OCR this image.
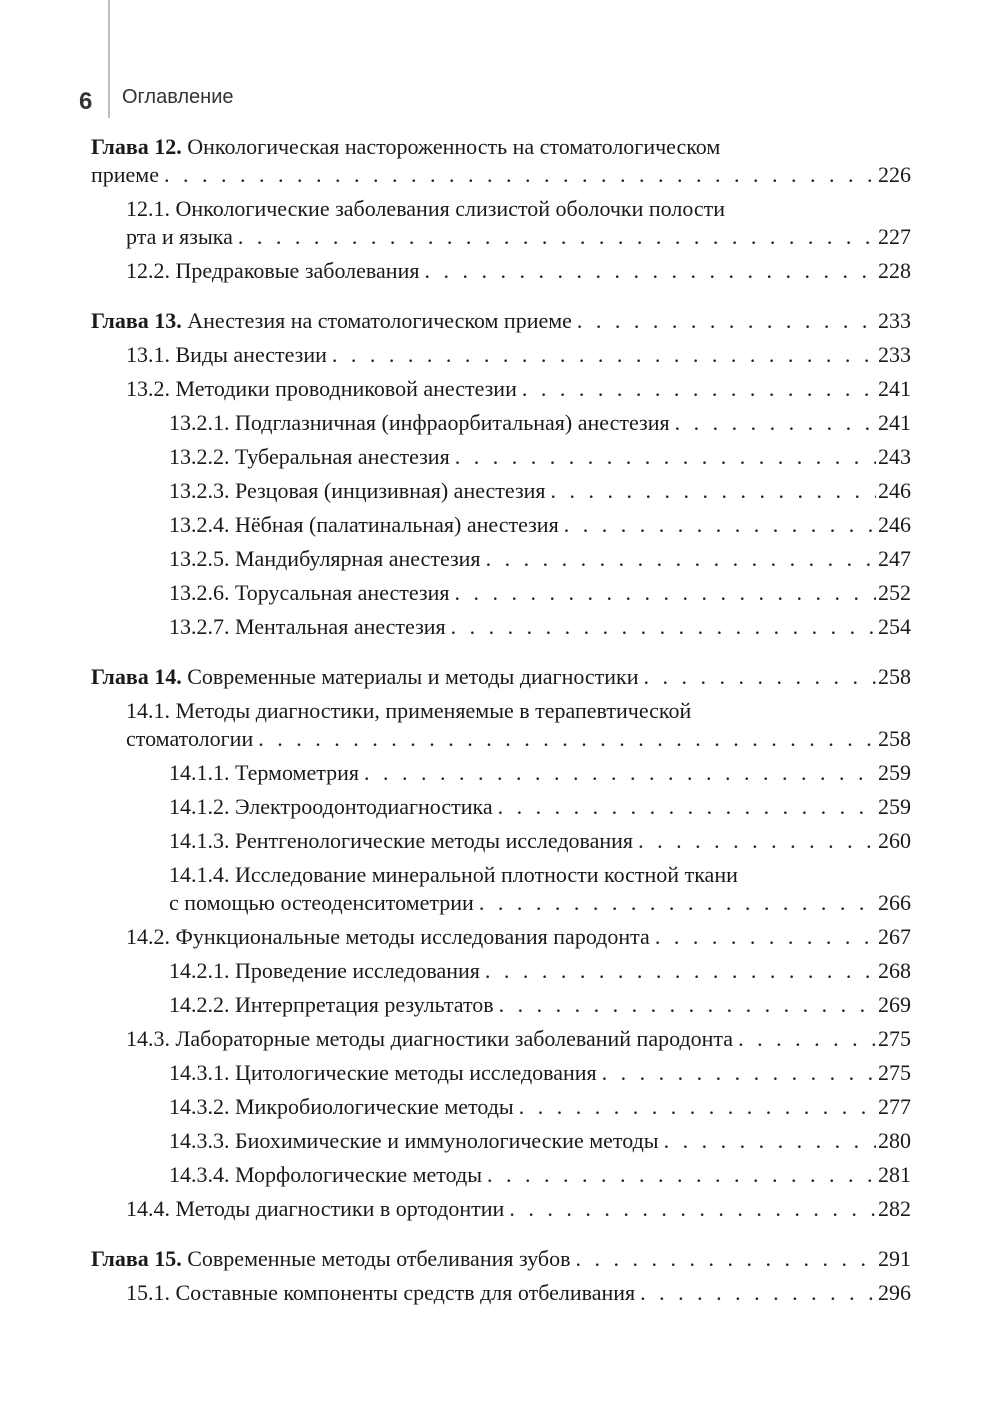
6 Оглавление
Глава 12. Онкологическая настороженность на стоматологическом
приеме . . .	226
12.1. Онкологические заболевания слизистой оболочки полости
рта и языка . . .	227
12.2. Предраковые заболевания . . .	228
Глава 13. Анестезия на стоматологическом приеме . . .	233
13.1. Виды анестезии . . .	233
13.2. Методики проводниковой анестезии . . .	241
13.2.1. Подглазничная (инфраорбитальная) анестезия . . .	241
13.2.2. Туберальная анестезия . . .	243
13.2.3. Резцовая (инцизивная) анестезия . . .	246
13.2.4. Нёбная (палатинальная) анестезия . . .	246
13.2.5. Мандибулярная анестезия . . .	247
13.2.6. Торусальная анестезия . . .	252
13.2.7. Ментальная анестезия . . .	254
Глава 14. Современные материалы и методы диагностики . . .	258
14.1. Методы диагностики, применяемые в терапевтической
стоматологии . . .	258
14.1.1. Термометрия . . .	259
14.1.2. Электроодонтодиагностика . . .	259
14.1.3. Рентгенологические методы исследования . . .	260
14.1.4. Исследование минеральной плотности костной ткани
с помощью остеоденситометрии . . .	266
14.2. Функциональные методы исследования пародонта . . .	267
14.2.1. Проведение исследования . . .	268
14.2.2. Интерпретация результатов . . .	269
14.3. Лабораторные методы диагностики заболеваний пародонта . . .	275
14.3.1. Цитологические методы исследования . . .	275
14.3.2. Микробиологические методы . . .	277
14.3.3. Биохимические и иммунологические методы . . .	280
14.3.4. Морфологические методы . . .	281
14.4. Методы диагностики в ортодонтии . . .	282
Глава 15. Современные методы отбеливания зубов . . .	291
15.1. Составные компоненты средств для отбеливания . . .	296
